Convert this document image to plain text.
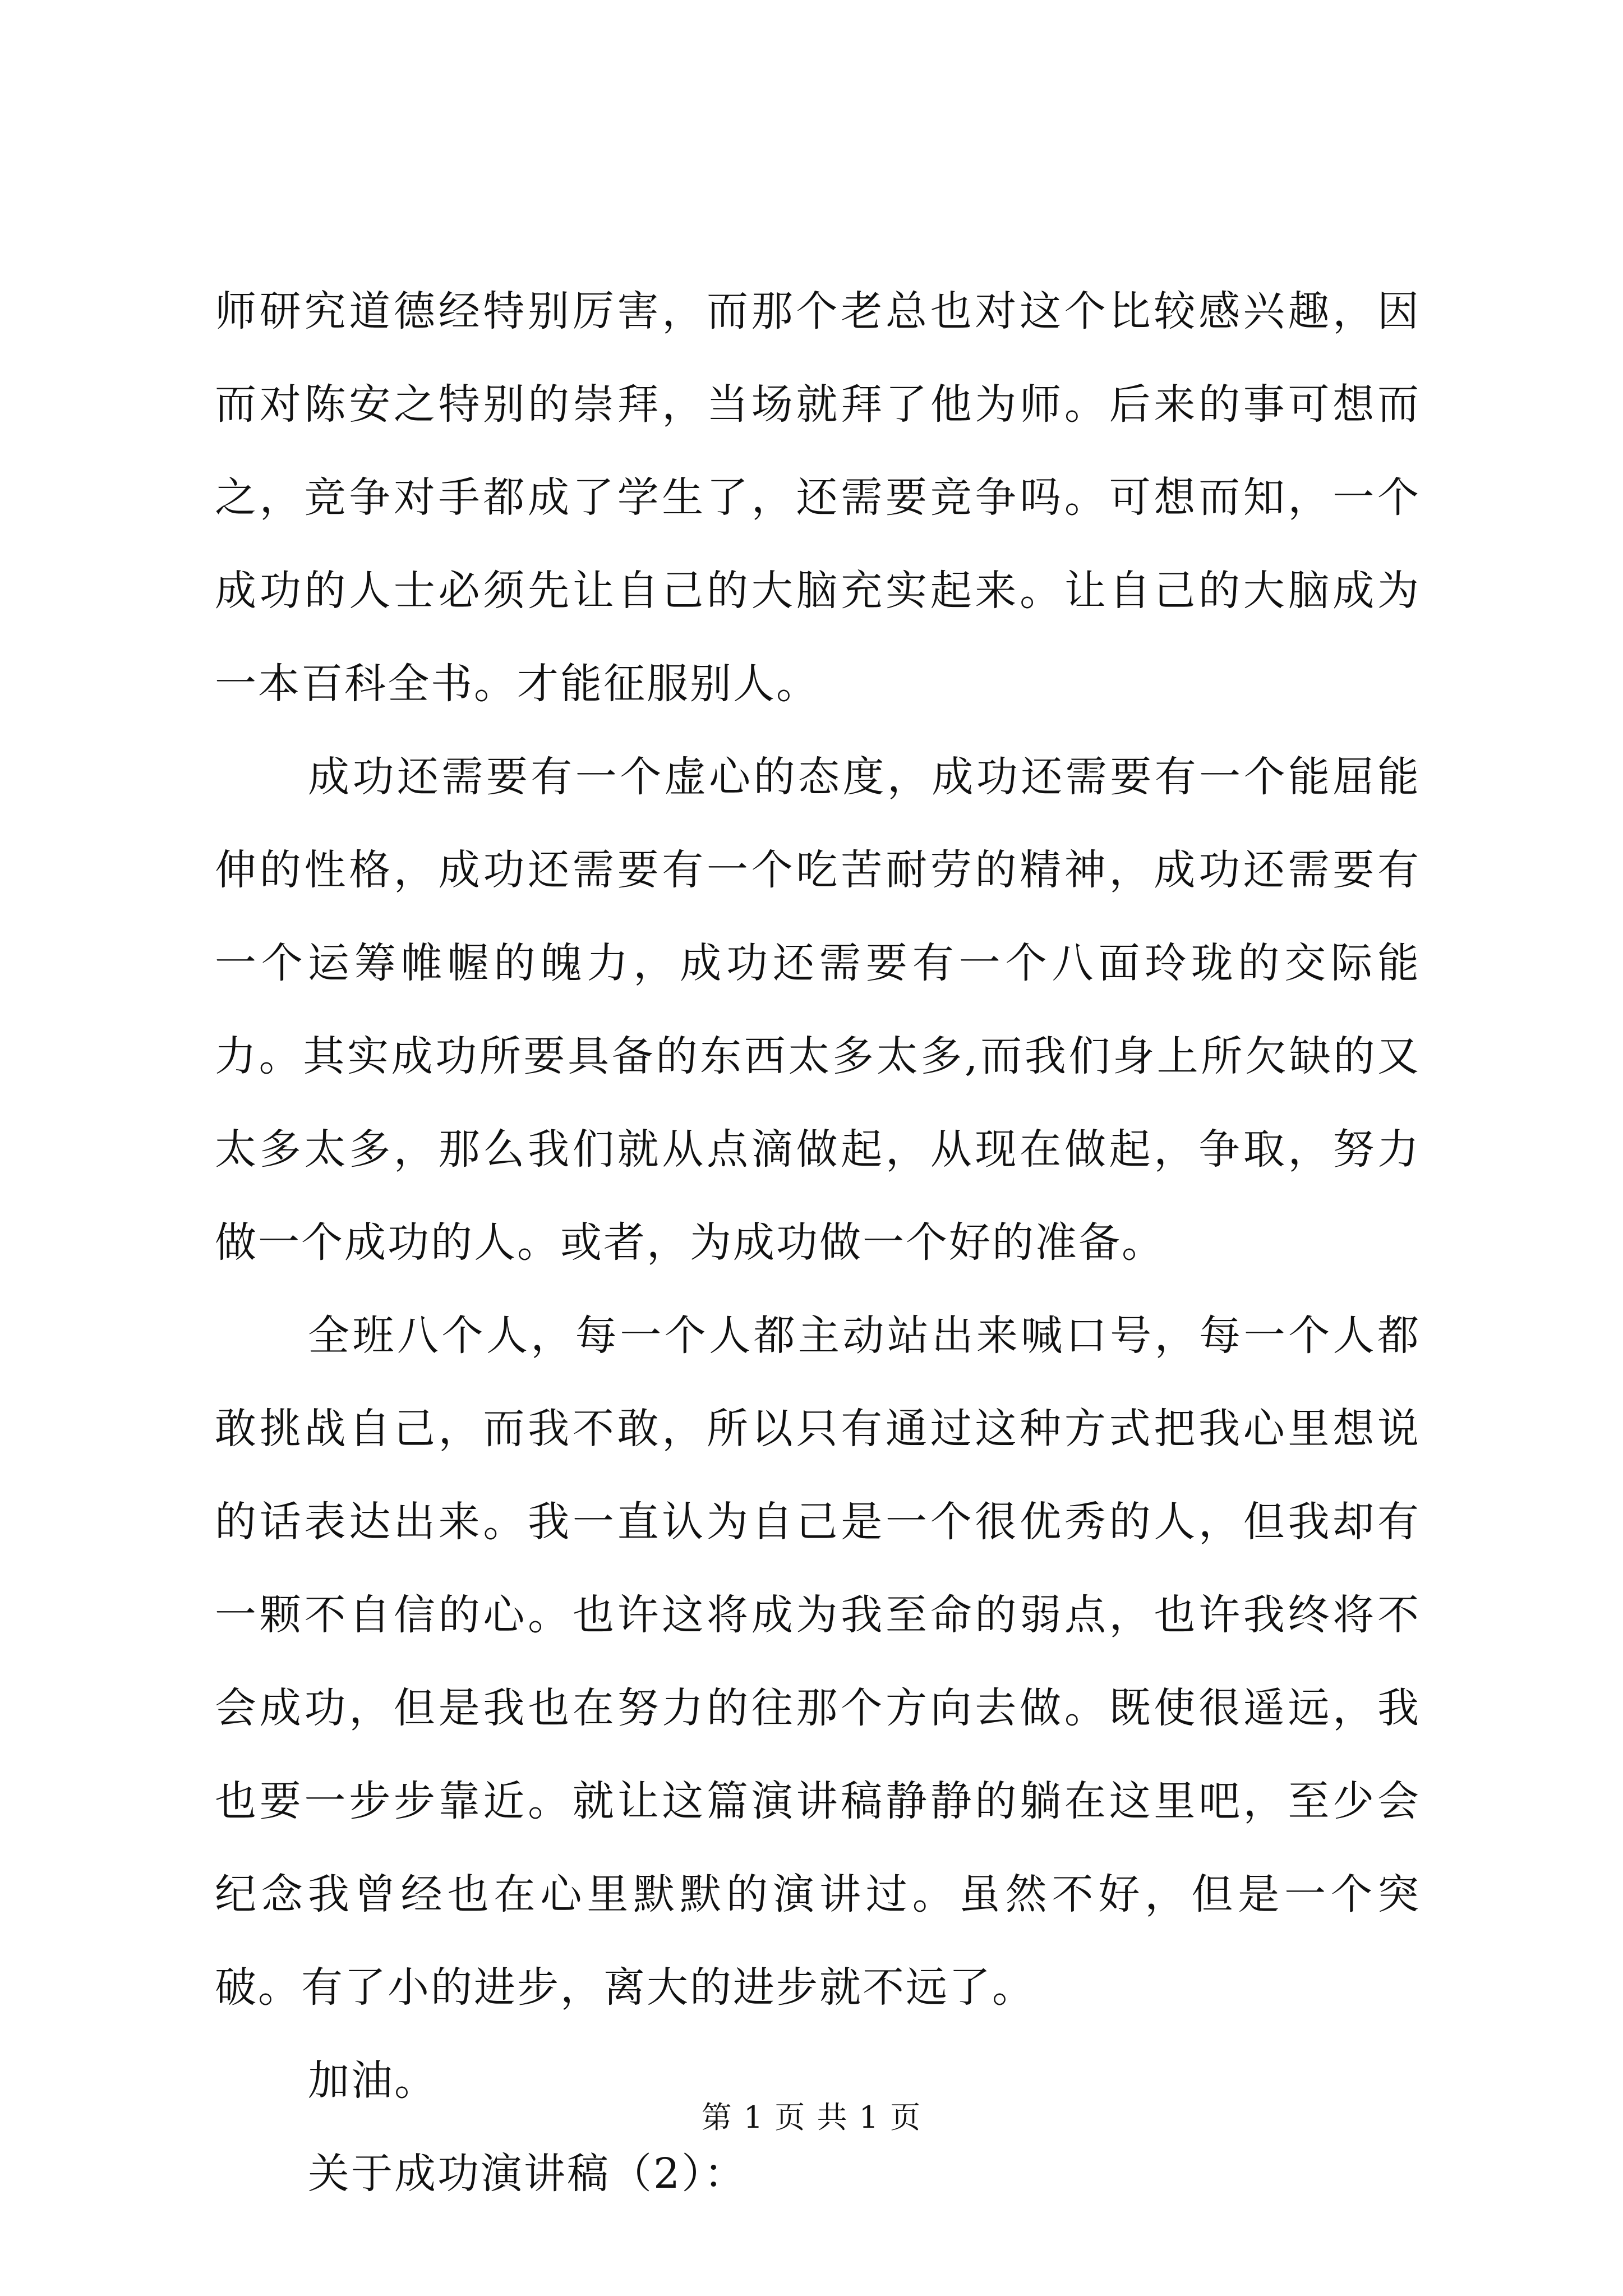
师研究道德经特别厉害，而那个老总也对这个比较感兴趣，因而对陈安之特别的崇拜，当场就拜了他为师。后来的事可想而之，竞争对手都成了学生了，还需要竞争吗。可想而知，一个成功的人士必须先让自己的大脑充实起来。让自己的大脑成为一本百科全书。才能征服别人。

成功还需要有一个虚心的态度，成功还需要有一个能屈能伸的性格，成功还需要有一个吃苦耐劳的精神，成功还需要有一个运筹帷幄的魄力，成功还需要有一个八面玲珑的交际能力。其实成功所要具备的东西太多太多,而我们身上所欠缺的又太多太多，那么我们就从点滴做起，从现在做起，争取，努力做一个成功的人。或者，为成功做一个好的准备。

全班八个人，每一个人都主动站出来喊口号，每一个人都敢挑战自己，而我不敢，所以只有通过这种方式把我心里想说的话表达出来。我一直认为自己是一个很优秀的人，但我却有一颗不自信的心。也许这将成为我至命的弱点，也许我终将不会成功，但是我也在努力的往那个方向去做。既使很遥远，我也要一步步靠近。就让这篇演讲稿静静的躺在这里吧，至少会纪念我曾经也在心里默默的演讲过。虽然不好，但是一个突破。有了小的进步，离大的进步就不远了。

加油。

关于成功演讲稿（2）：

第 1 页 共 1 页
